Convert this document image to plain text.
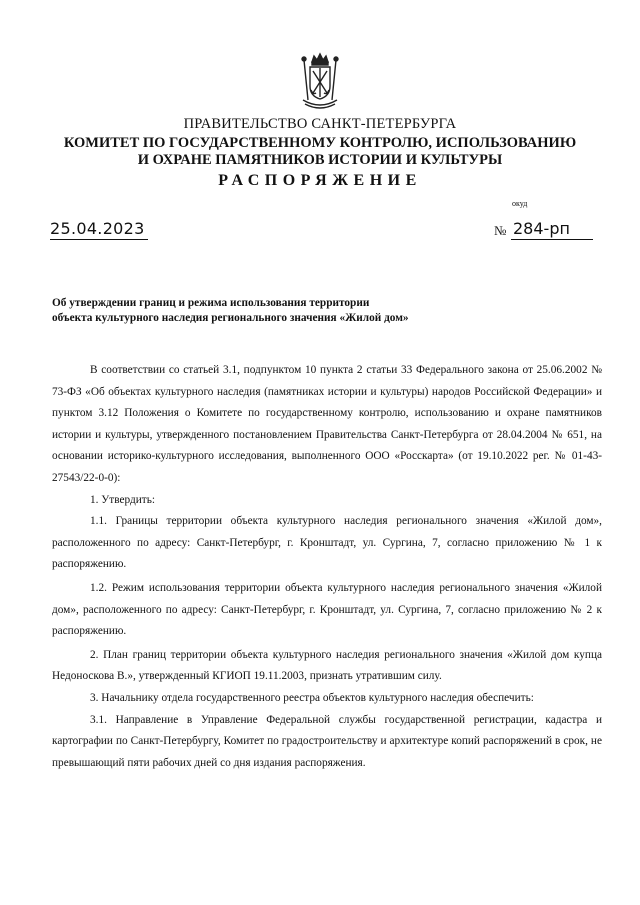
ПРАВИТЕЛЬСТВО САНКТ-ПЕТЕРБУРГА
КОМИТЕТ ПО ГОСУДАРСТВЕННОМУ КОНТРОЛЮ, ИСПОЛЬЗОВАНИЮ
И ОХРАНЕ ПАМЯТНИКОВ ИСТОРИИ И КУЛЬТУРЫ
РАСПОРЯЖЕНИЕ
окуд
25.04.2023	№ 284-рп
Об утверждении границ и режима использования территории
объекта культурного наследия регионального значения «Жилой дом»

В соответствии со статьей 3.1, подпунктом 10 пункта 2 статьи 33 Федерального закона от 25.06.2002 № 73-ФЗ «Об объектах культурного наследия (памятниках истории и культуры) народов Российской Федерации» и пунктом 3.12 Положения о Комитете по государственному контролю, использованию и охране памятников истории и культуры, утвержденного постановлением Правительства Санкт-Петербурга от 28.04.2004 № 651, на основании историко-культурного исследования, выполненного ООО «Росскарта» (от 19.10.2022 рег. № 01-43-27543/22-0-0):

1. Утвердить:

1.1. Границы территории объекта культурного наследия регионального значения «Жилой дом», расположенного по адресу: Санкт-Петербург, г. Кронштадт, ул. Сургина, 7, согласно приложению № 1 к распоряжению.

1.2. Режим использования территории объекта культурного наследия регионального значения «Жилой дом», расположенного по адресу: Санкт-Петербург, г. Кронштадт, ул. Сургина, 7, согласно приложению № 2 к распоряжению.

2. План границ территории объекта культурного наследия регионального значения «Жилой дом купца Недоноскова В.», утвержденный КГИОП 19.11.2003, признать утратившим силу.

3. Начальнику отдела государственного реестра объектов культурного наследия обеспечить:

3.1. Направление в Управление Федеральной службы государственной регистрации, кадастра и картографии по Санкт-Петербургу, Комитет по градостроительству и архитектуре копий распоряжений в срок, не превышающий пяти рабочих дней со дня издания распоряжения.
